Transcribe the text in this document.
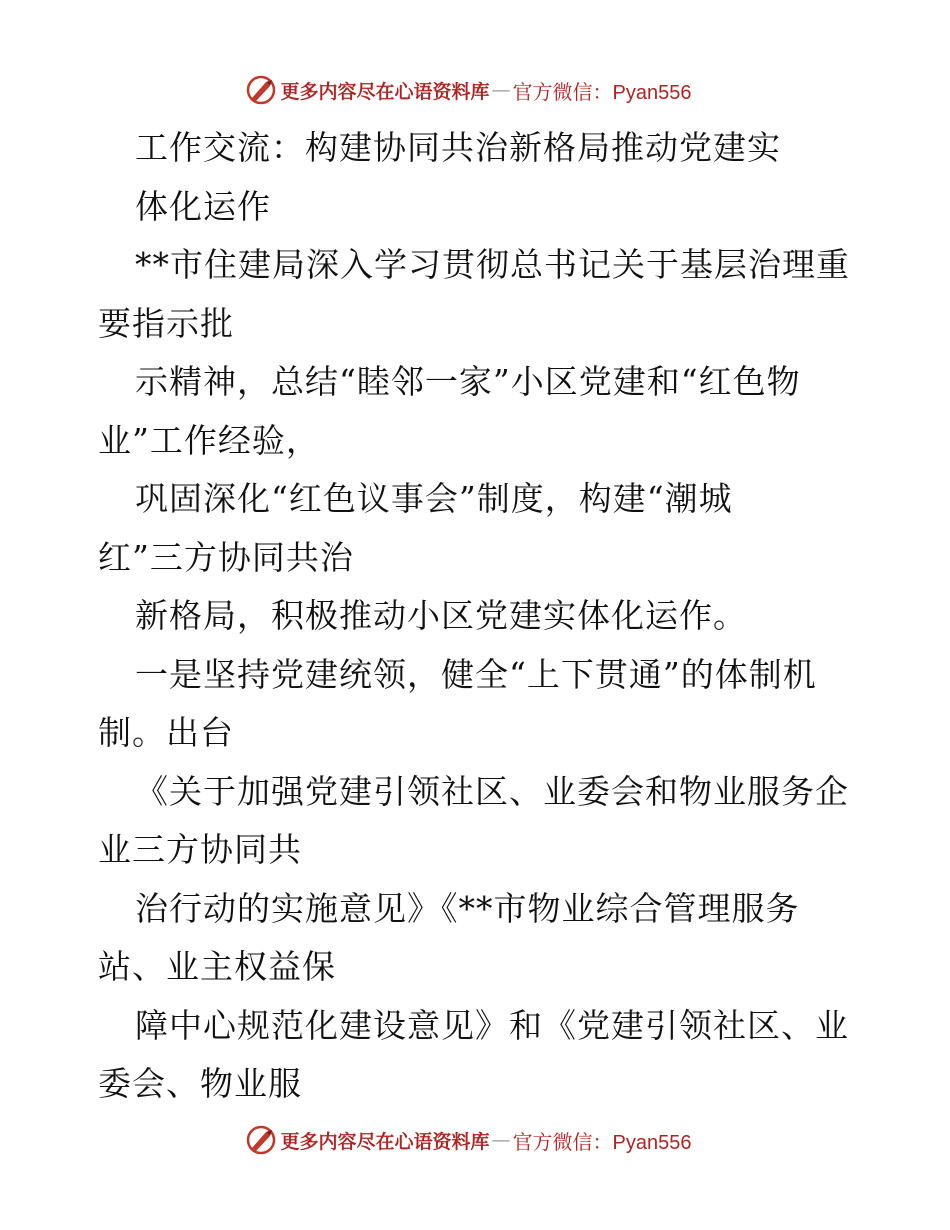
更多内容尽在心语资料库 — 官方微信：Pyan556
工作交流：构建协同共治新格局推动党建实
体化运作
**市住建局深入学习贯彻总书记关于基层治理重
要指示批
示精神，总结“睦邻一家”小区党建和“红色物
业”工作经验，
巩固深化“红色议事会”制度，构建“潮城
红”三方协同共治
新格局，积极推动小区党建实体化运作。
一是坚持党建统领，健全“上下贯通”的体制机
制。出台
《关于加强党建引领社区、业委会和物业服务企
业三方协同共
治行动的实施意见》《**市物业综合管理服务
站、业主权益保
障中心规范化建设意见》和《党建引领社区、业
委会、物业服
更多内容尽在心语资料库 — 官方微信：Pyan556
